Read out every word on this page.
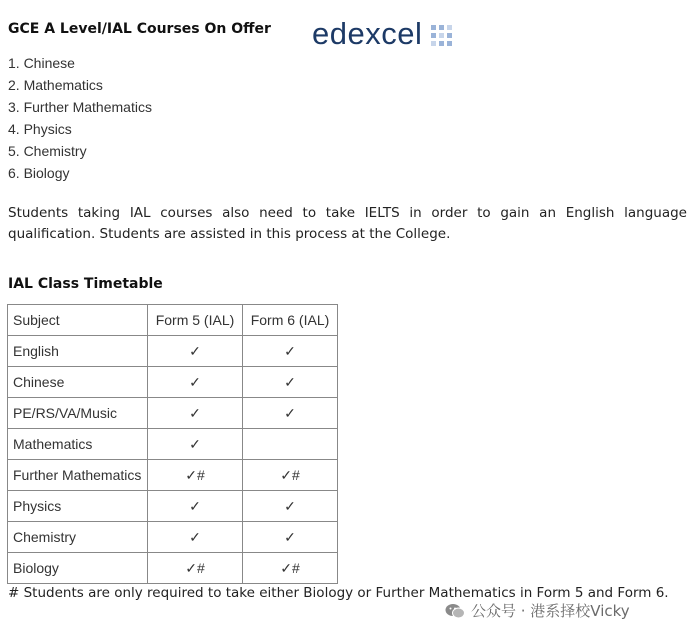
GCE A Level/IAL Courses On Offer edexcel
1. Chinese
2. Mathematics
3. Further Mathematics
4. Physics
5. Chemistry
6. Biology

Students taking IAL courses also need to take IELTS in order to gain an English language qualification. Students are assisted in this process at the College.

IAL Class Timetable
Subject	Form 5 (IAL)	Form 6 (IAL)
English	✓	✓
Chinese	✓	✓
PE/RS/VA/Music	✓	✓
Mathematics	✓	
Further Mathematics	✓#	✓#
Physics	✓	✓
Chemistry	✓	✓
Biology	✓#	✓#

# Students are only required to take either Biology or Further Mathematics in Form 5 and Form 6.

公众号 · 港系择校Vicky
